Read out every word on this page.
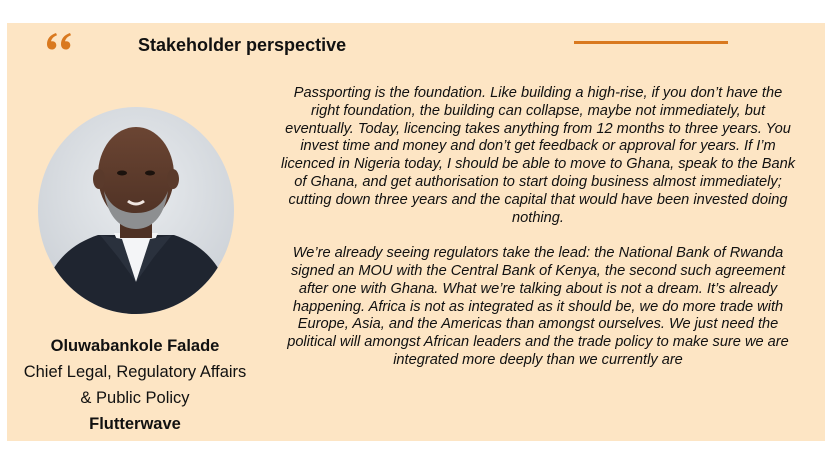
Stakeholder perspective
Oluwabankole Falade
Chief Legal, Regulatory Affairs
& Public Policy
Flutterwave

Passporting is the foundation. Like building a high-rise, if you don’t have the right foundation, the building can collapse, maybe not immediately, but eventually. Today, licencing takes anything from 12 months to three years. You invest time and money and don’t get feedback or approval for years. If I’m licenced in Nigeria today, I should be able to move to Ghana, speak to the Bank of Ghana, and get authorisation to start doing business almost immediately; cutting down three years and the capital that would have been invested doing nothing.

We’re already seeing regulators take the lead: the National Bank of Rwanda signed an MOU with the Central Bank of Kenya, the second such agreement after one with Ghana. What we’re talking about is not a dream. It’s already happening. Africa is not as integrated as it should be, we do more trade with Europe, Asia, and the Americas than amongst ourselves. We just need the political will amongst African leaders and the trade policy to make sure we are integrated more deeply than we currently are
